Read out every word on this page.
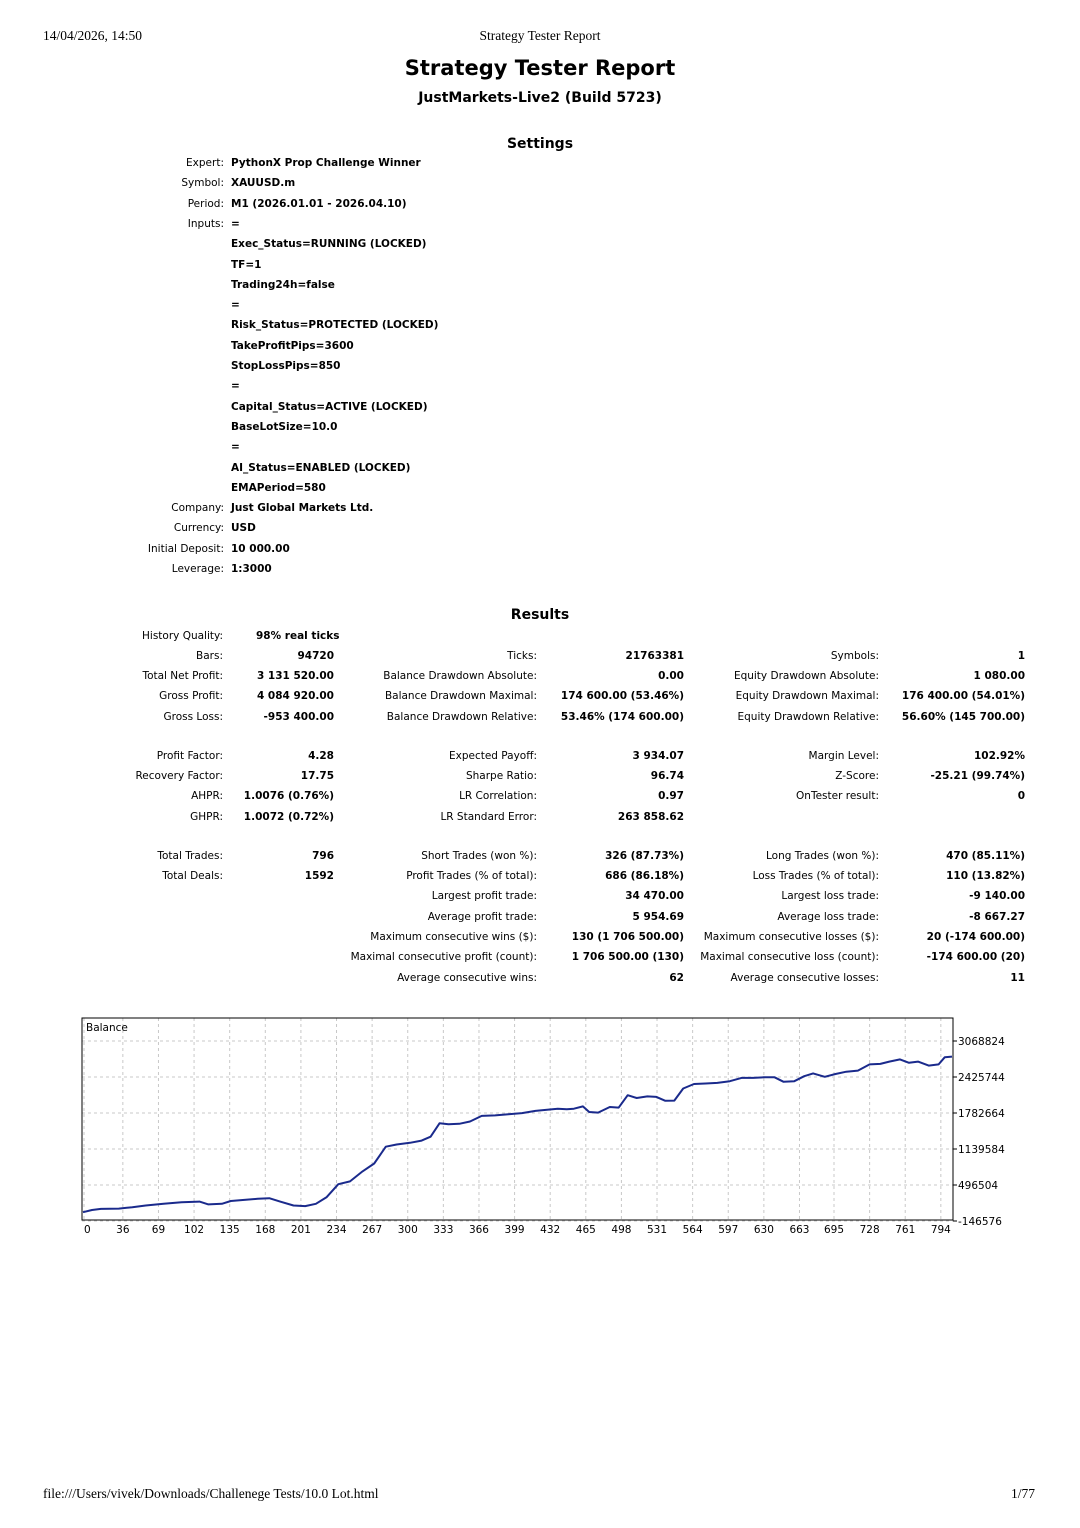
14/04/2026, 14:50	Strategy Tester Report
Strategy Tester Report
JustMarkets-Live2 (Build 5723)
Settings
Expert: PythonX Prop Challenge Winner
Symbol: XAUUSD.m
Period: M1 (2026.01.01 - 2026.04.10)
Inputs: =
Exec_Status=RUNNING (LOCKED)
TF=1
Trading24h=false
=
Risk_Status=PROTECTED (LOCKED)
TakeProfitPips=3600
StopLossPips=850
=
Capital_Status=ACTIVE (LOCKED)
BaseLotSize=10.0
=
AI_Status=ENABLED (LOCKED)
EMAPeriod=580
Company: Just Global Markets Ltd.
Currency: USD
Initial Deposit: 10 000.00
Leverage: 1:3000
Results
History Quality:	98% real ticks
Bars:	94720	Ticks:	21763381	Symbols:	1
Total Net Profit:	3 131 520.00	Balance Drawdown Absolute:	0.00	Equity Drawdown Absolute:	1 080.00
Gross Profit:	4 084 920.00	Balance Drawdown Maximal: 174 600.00 (53.46%)	Equity Drawdown Maximal: 176 400.00 (54.01%)
Gross Loss:	-953 400.00	Balance Drawdown Relative: 53.46% (174 600.00)	Equity Drawdown Relative: 56.60% (145 700.00)
Profit Factor:	4.28	Expected Payoff:	3 934.07	Margin Level:	102.92%
Recovery Factor:	17.75	Sharpe Ratio:	96.74	Z-Score:	-25.21 (99.74%)
AHPR: 1.0076 (0.76%)	LR Correlation:	0.97	OnTester result:	0
GHPR: 1.0072 (0.72%)	LR Standard Error:	263 858.62
Total Trades:	796	Short Trades (won %):	326 (87.73%)	Long Trades (won %):	470 (85.11%)
Total Deals:	1592	Profit Trades (% of total):	686 (86.18%)	Loss Trades (% of total):	110 (13.82%)
Largest profit trade:	34 470.00	Largest loss trade:	-9 140.00
Average profit trade:	5 954.69	Average loss trade:	-8 667.27
Maximum consecutive wins ($):	130 (1 706 500.00) Maximum consecutive losses ($):	20 (-174 600.00)
Maximal consecutive profit (count):	1 706 500.00 (130) Maximal consecutive loss (count):	-174 600.00 (20)
Average consecutive wins:	62	Average consecutive losses:	11
Balance
0 36 69 102 135 168 201 234 267 300 333 366 399 432 465 498 531 564 597 630 663 695 728 761 794
3068824
2425744
1782664
1139584
496504
-146576
file:///Users/vivek/Downloads/Challenege Tests/10.0 Lot.html	1/77
